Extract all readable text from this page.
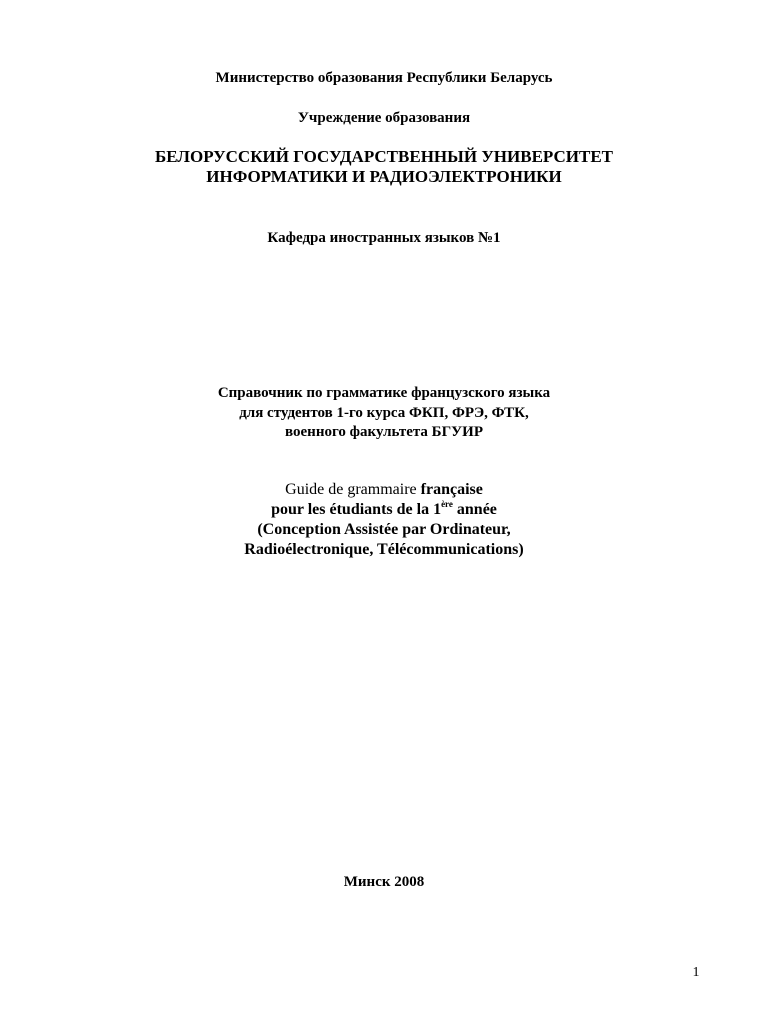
Министерство образования Республики Беларусь
Учреждение образования
БЕЛОРУССКИЙ ГОСУДАРСТВЕННЫЙ УНИВЕРСИТЕТ
ИНФОРМАТИКИ И РАДИОЭЛЕКТРОНИКИ
Кафедра иностранных языков №1
Справочник по грамматике французского языка
для студентов 1-го курса ФКП, ФРЭ, ФТК,
военного факультета БГУИР
Guide de grammaire française
pour les étudiants de la 1ère année
(Conception Assistée par Ordinateur,
Radioélectronique, Télécommunications)
Минск 2008
1
